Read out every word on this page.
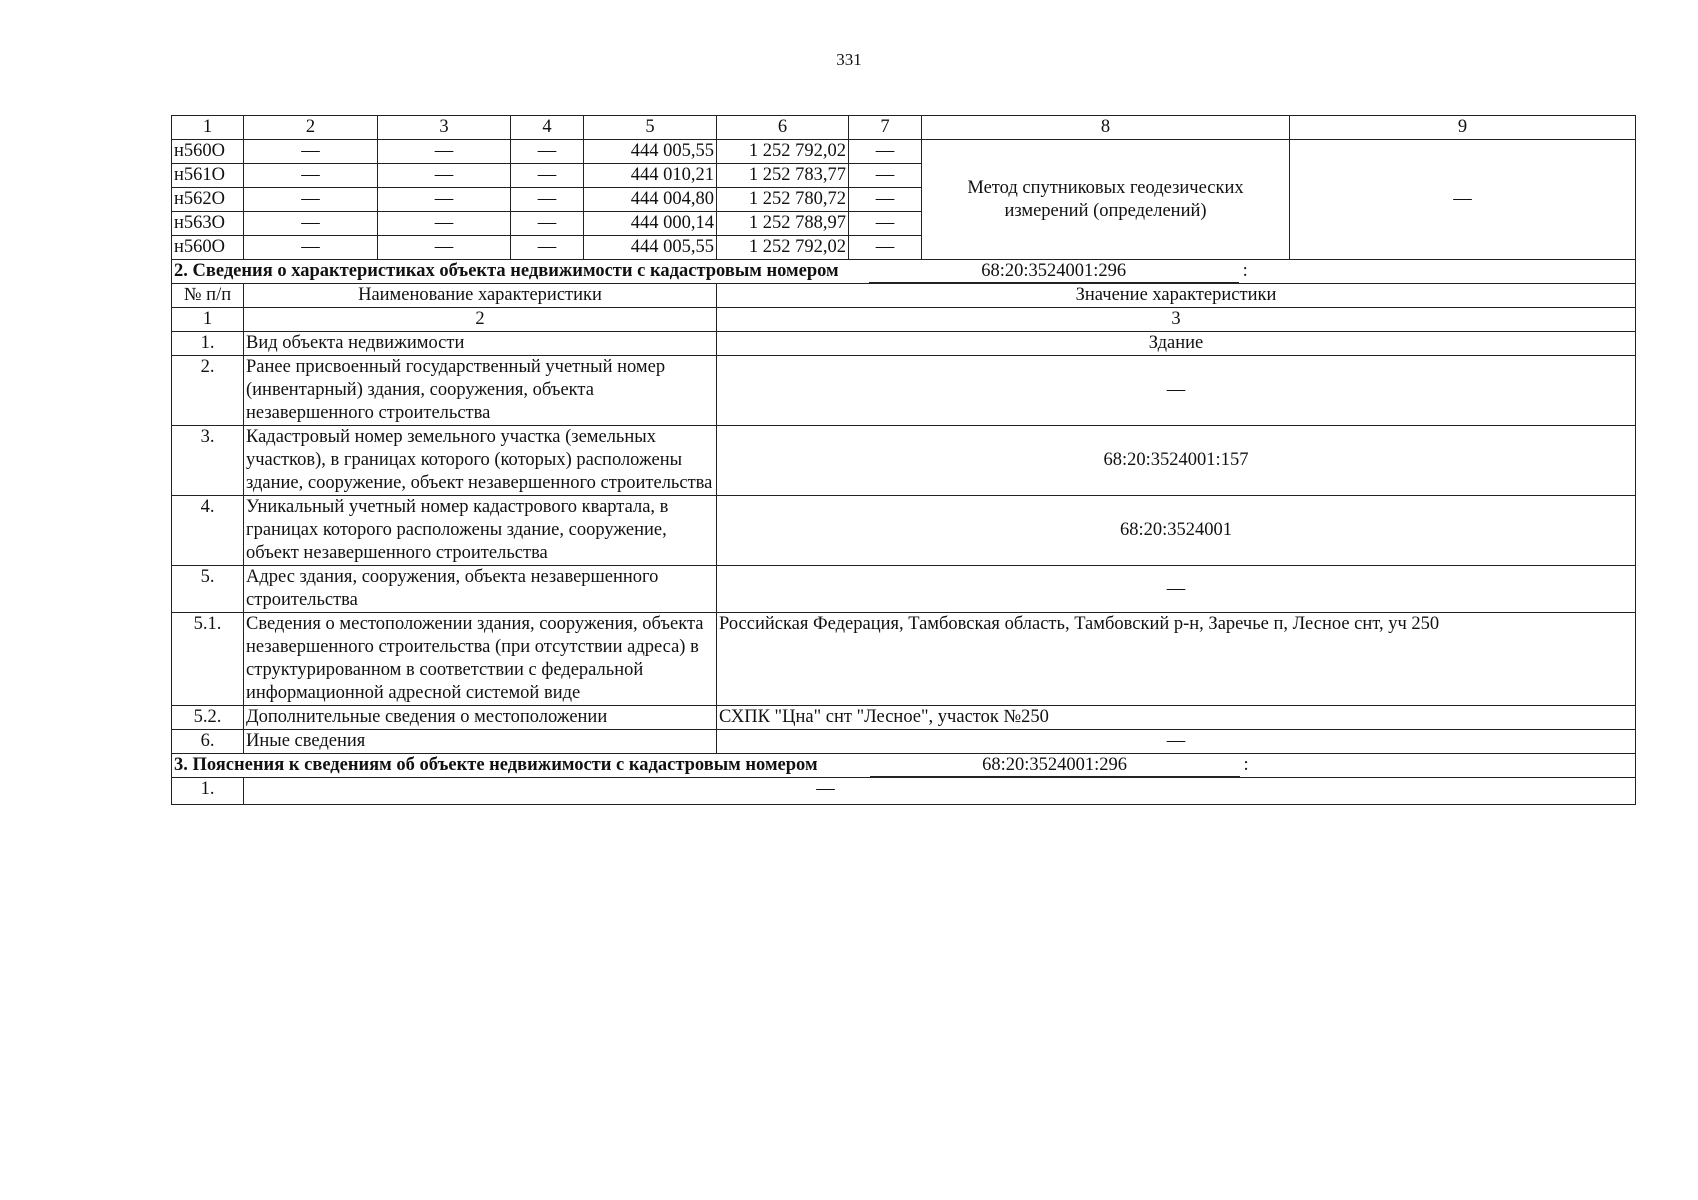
331
1	2	3	4	5	6	7	8	9
н560О	—	—	—	444 005,55	1 252 792,02	—	Метод спутниковых геодезических измерений (определений)	—
н561О	—	—	—	444 010,21	1 252 783,77	—		
н562О	—	—	—	444 004,80	1 252 780,72	—		
н563О	—	—	—	444 000,14	1 252 788,97	—		
н560О	—	—	—	444 005,55	1 252 792,02	—		

2. Сведения о характеристиках объекта недвижимости с кадастровым номером 68:20:3524001:296 :								

№ п/п	Наименование характеристики				Значение характеристики			
1	2				3			
1.	Вид объекта недвижимости				Здание			
2.	Ранее присвоенный государственный учетный номер (инвентарный) здания, сооружения, объекта незавершенного строительства				—			
3.	Кадастровый номер земельного участка (земельных участков), в границах которого (которых) расположены здание, сооружение, объект незавершенного строительства				68:20:3524001:157			
4.	Уникальный учетный номер кадастрового квартала, в границах которого расположены здание, сооружение, объект незавершенного строительства				68:20:3524001			
5.	Адрес здания, сооружения, объекта незавершенного строительства				—			
5.1.	Сведения о местоположении здания, сооружения, объекта незавершенного строительства (при отсутствии адреса) в структурированном в соответствии с федеральной информационной адресной системой виде				Российская Федерация, Тамбовская область, Тамбовский р-н, Заречье п, Лесное снт, уч 250			
5.2.	Дополнительные сведения о местоположении				СХПК "Цна" снт "Лесное", участок №250			
6.	Иные сведения				—			

3. Пояснения к сведениям об объекте недвижимости с кадастровым номером 68:20:3524001:296 :								

1.	—							
